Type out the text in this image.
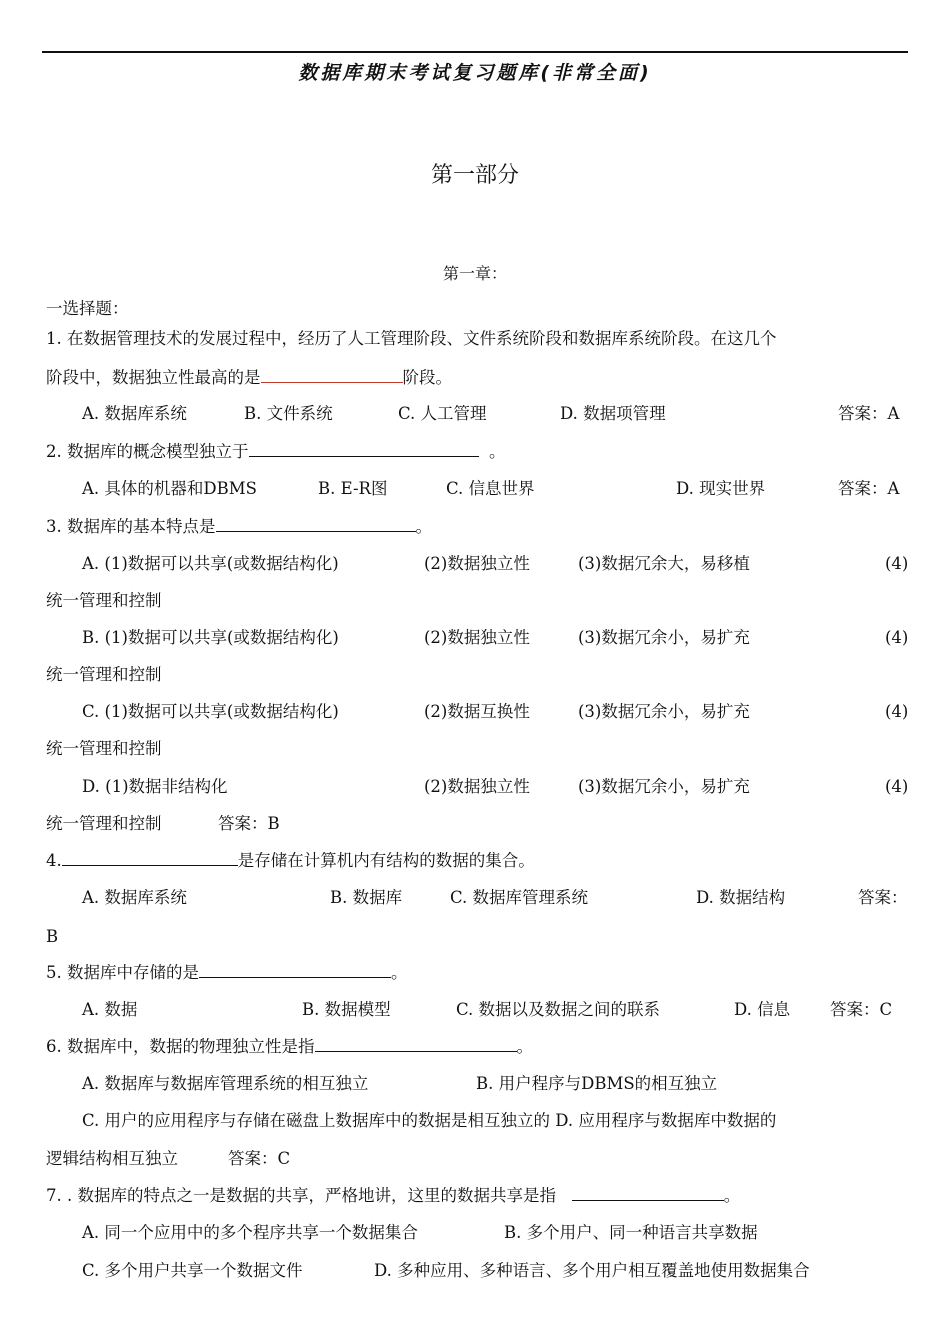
数据库期末考试复习题库(非常全面)
第一部分
第一章：
一选择题：
1. 在数据管理技术的发展过程中，经历了人工管理阶段、文件系统阶段和数据库系统阶段。在这几个
阶段中，数据独立性最高的是	阶段。
A. 数据库系统	B. 文件系统	C. 人工管理	D. 数据项管理	答案：A
2. 数据库的概念模型独立于	。
A. 具体的机器和DBMS	B. E-R图	C. 信息世界	D. 现实世界	答案：A
3. 数据库的基本特点是	。
A. (1)数据可以共享(或数据结构化)	(2)数据独立性	(3)数据冗余大，易移植	(4)
统一管理和控制
B. (1)数据可以共享(或数据结构化)	(2)数据独立性	(3)数据冗余小，易扩充	(4)
统一管理和控制
C. (1)数据可以共享(或数据结构化)	(2)数据互换性	(3)数据冗余小，易扩充	(4)
统一管理和控制
D. (1)数据非结构化	(2)数据独立性	(3)数据冗余小，易扩充	(4)
统一管理和控制	答案：B
4.	是存储在计算机内有结构的数据的集合。
A. 数据库系统	B. 数据库	C. 数据库管理系统	D. 数据结构	答案：
B
5. 数据库中存储的是	。
A. 数据	B. 数据模型	C. 数据以及数据之间的联系	D. 信息 答案：C
6. 数据库中，数据的物理独立性是指	。
A. 数据库与数据库管理系统的相互独立	B. 用户程序与DBMS的相互独立
C. 用户的应用程序与存储在磁盘上数据库中的数据是相互独立的 D. 应用程序与数据库中数据的
逻辑结构相互独立	答案：C
7. . 数据库的特点之一是数据的共享，严格地讲，这里的数据共享是指	。
A. 同一个应用中的多个程序共享一个数据集合	B. 多个用户、同一种语言共享数据
C. 多个用户共享一个数据文件	D. 多种应用、多种语言、多个用户相互覆盖地使用数据集合
